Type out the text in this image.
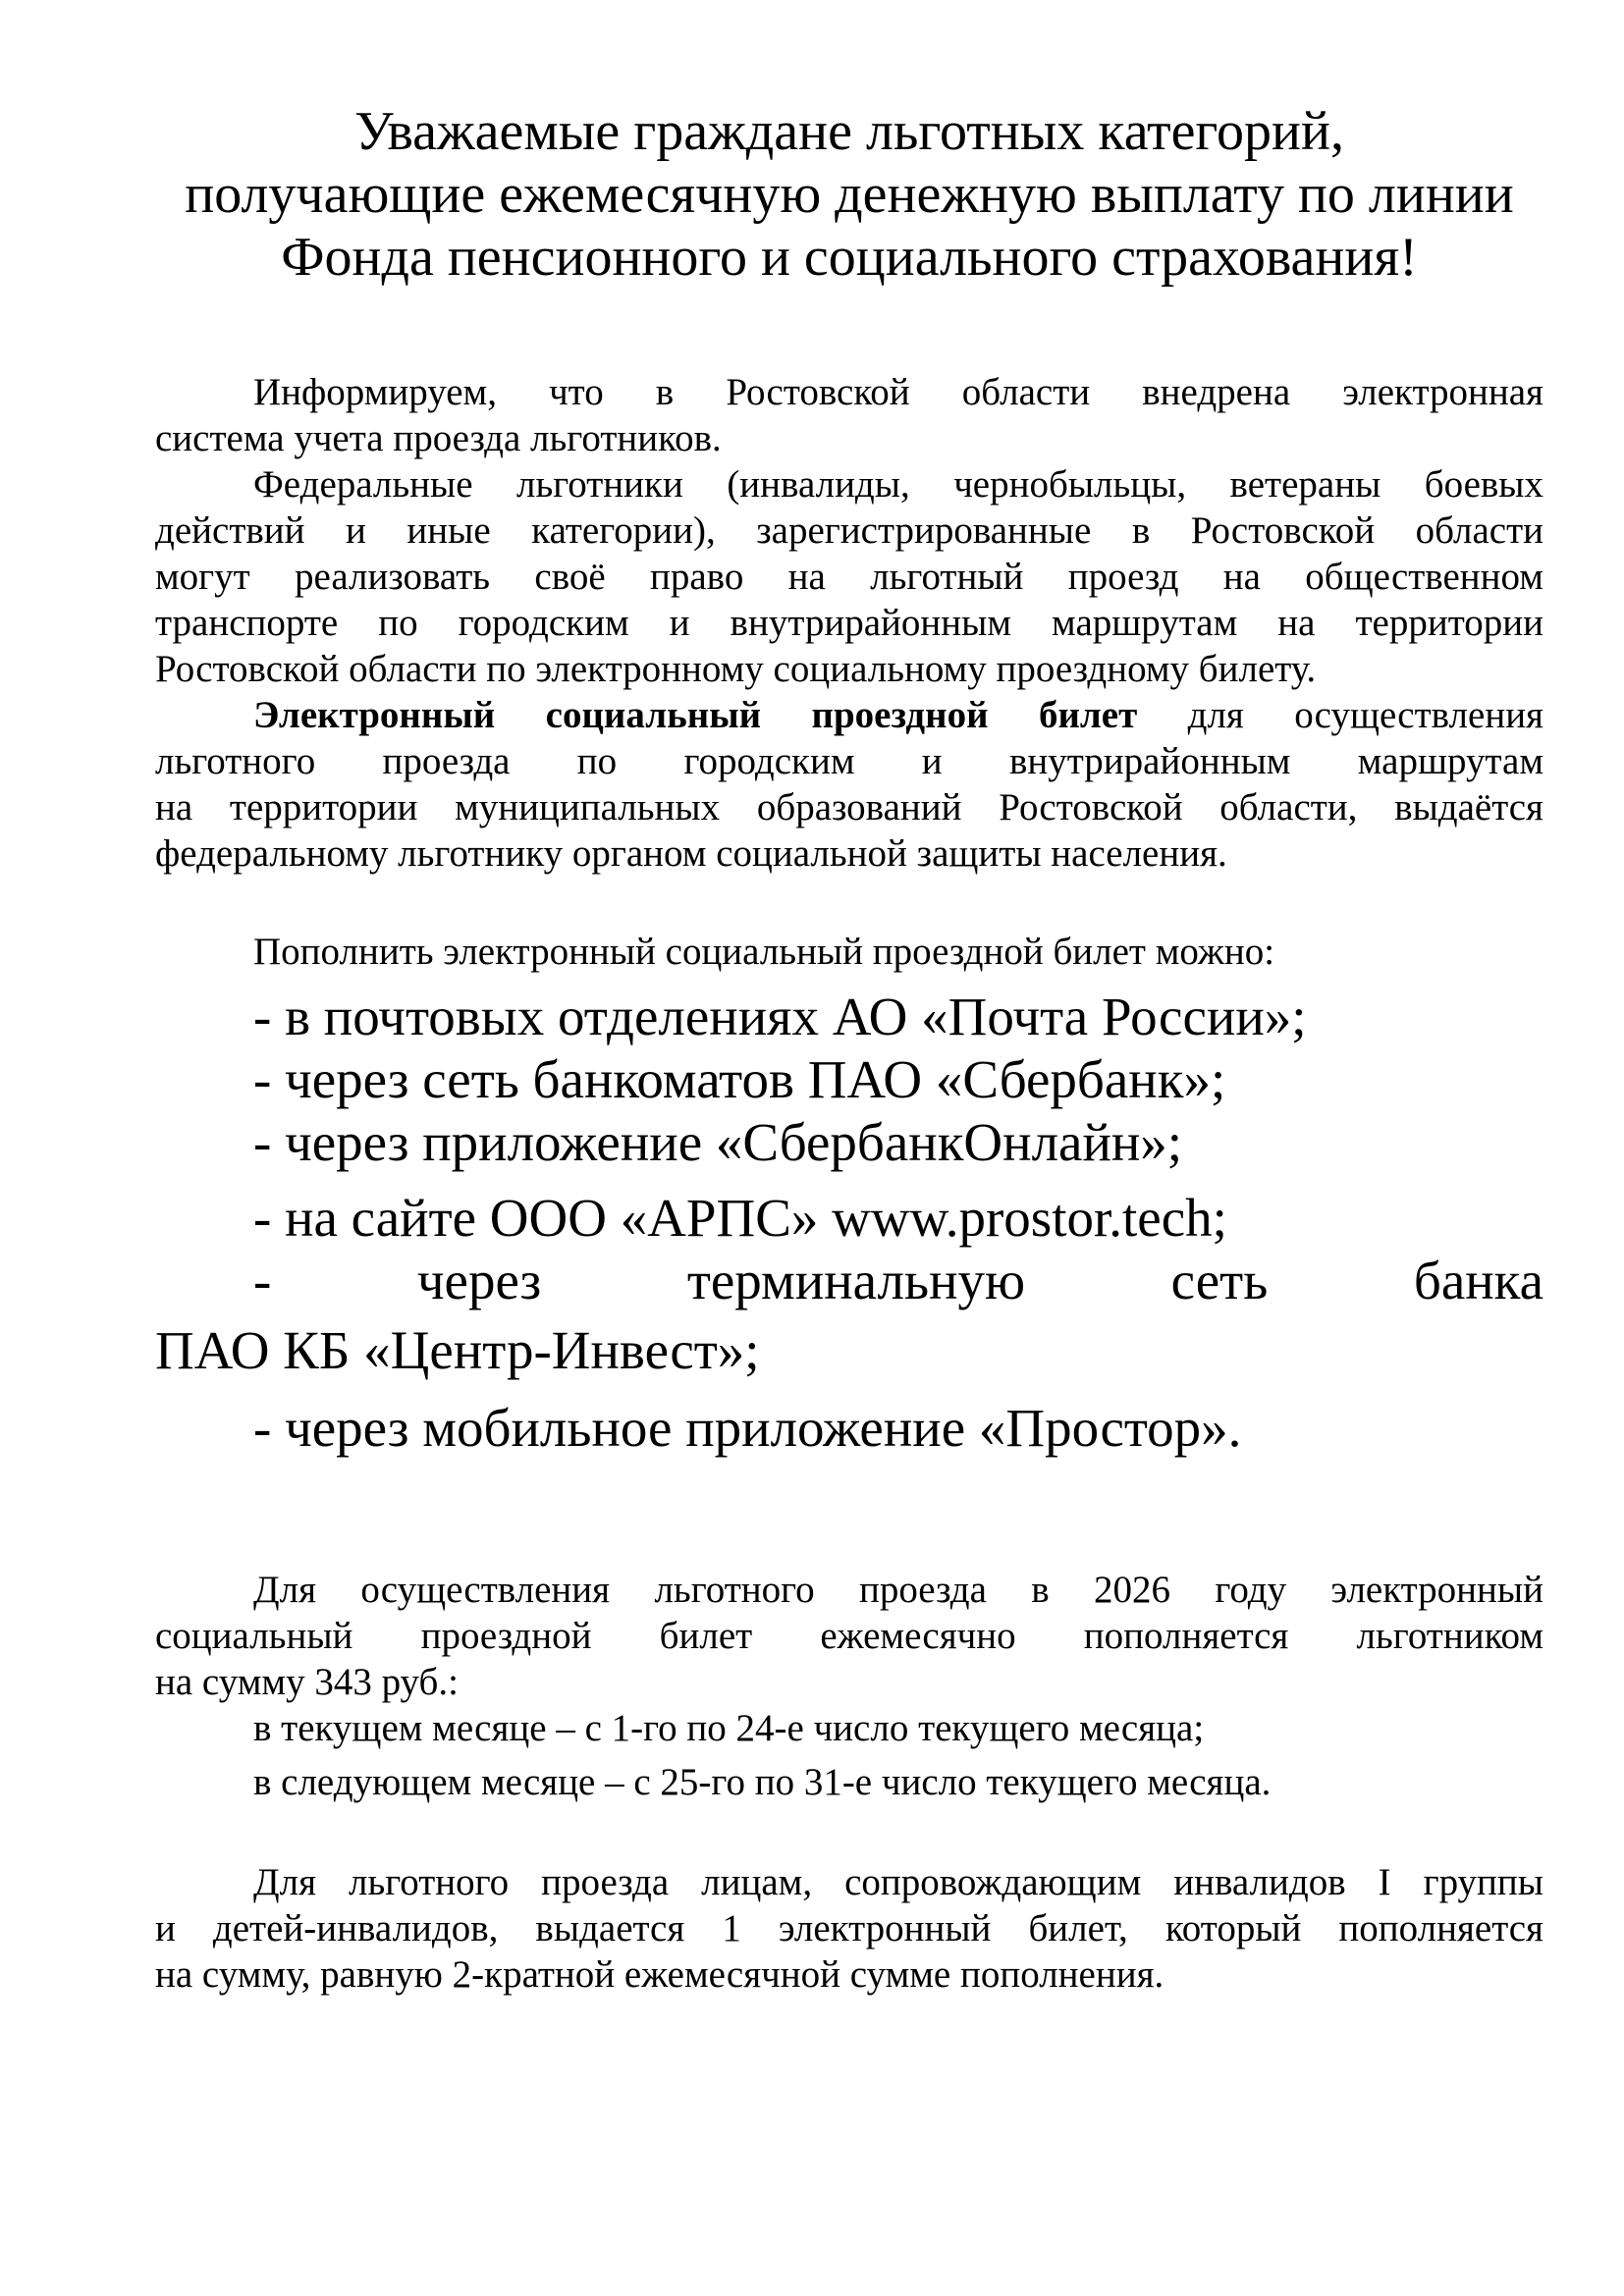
Уважаемые граждане льготных категорий,
получающие ежемесячную денежную выплату по линии
Фонда пенсионного и социального страхования!
Информируем, что в Ростовской области внедрена электронная
система учета проезда льготников.
Федеральные льготники (инвалиды, чернобыльцы, ветераны боевых
действий и иные категории), зарегистрированные в Ростовской области
могут реализовать своё право на льготный проезд на общественном
транспорте по городским и внутрирайонным маршрутам на территории
Ростовской области по электронному социальному проездному билету.
Электронный социальный проездной билет для осуществления
льготного проезда по городским и внутрирайонным маршрутам
на территории муниципальных образований Ростовской области, выдаётся
федеральному льготнику органом социальной защиты населения.
Пополнить электронный социальный проездной билет можно:
- в почтовых отделениях АО «Почта России»;
- через сеть банкоматов ПАО «Сбербанк»;
- через приложение «СбербанкОнлайн»;
- на сайте ООО «АРПС» www.prostor.tech;
- через терминальную сеть банка
ПАО КБ «Центр-Инвест»;
- через мобильное приложение «Простор».
Для осуществления льготного проезда в 2026 году электронный
социальный проездной билет ежемесячно пополняется льготником
на сумму 343 руб.:
в текущем месяце – с 1-го по 24-е число текущего месяца;
в следующем месяце – с 25-го по 31-е число текущего месяца.
Для льготного проезда лицам, сопровождающим инвалидов I группы
и детей-инвалидов, выдается 1 электронный билет, который пополняется
на сумму, равную 2-кратной ежемесячной сумме пополнения.
